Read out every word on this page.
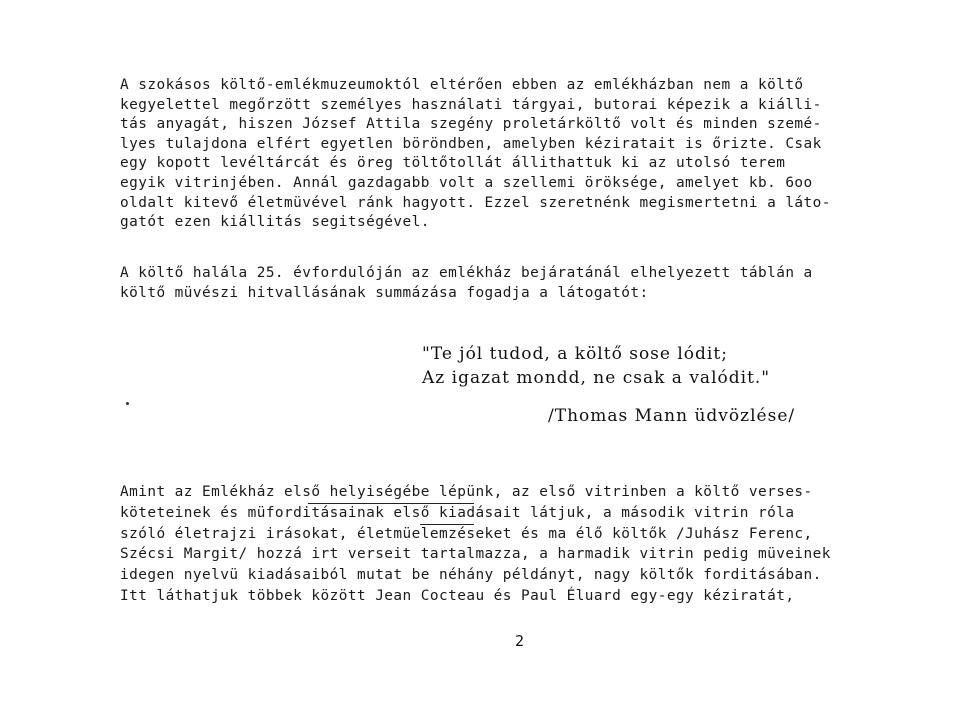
A szokásos költő-emlékmuzeumoktól eltérően ebben az emlékházban nem a költő
kegyelettel megőrzött személyes használati tárgyai, butorai képezik a kiálli-
tás anyagát, hiszen József Attila szegény proletárköltő volt és minden szemé-
lyes tulajdona elfért egyetlen böröndben, amelyben kéziratait is őrizte. Csak
egy kopott levéltárcát és öreg töltőtollát állithattuk ki az utolsó terem
egyik vitrinjében. Annál gazdagabb volt a szellemi öröksége, amelyet kb. 6oo
oldalt kitevő életmüvével ránk hagyott. Ezzel szeretnénk megismertetni a láto-
gatót ezen kiállitás segitségével.
A költő halála 25. évfordulóján az emlékház bejáratánál elhelyezett táblán a
költő müvészi hitvallásának summázása fogadja a látogatót:
"Te jól tudod, a költő sose lódit;
Az igazat mondd, ne csak a valódit."
/Thomas Mann üdvözlése/
Amint az Emlékház első helyiségébe lépünk, az első vitrinben a költő verses-
köteteinek és müforditásainak első kiadásait látjuk, a második vitrin róla
szóló életrajzi irásokat, életmüelemzéseket és ma élő költők /Juhász Ferenc,
Szécsi Margit/ hozzá irt verseit tartalmazza, a harmadik vitrin pedig müveinek
idegen nyelvü kiadásaiból mutat be néhány példányt, nagy költők forditásában.
Itt láthatjuk többek között Jean Cocteau és Paul Éluard egy-egy kéziratát,
2
